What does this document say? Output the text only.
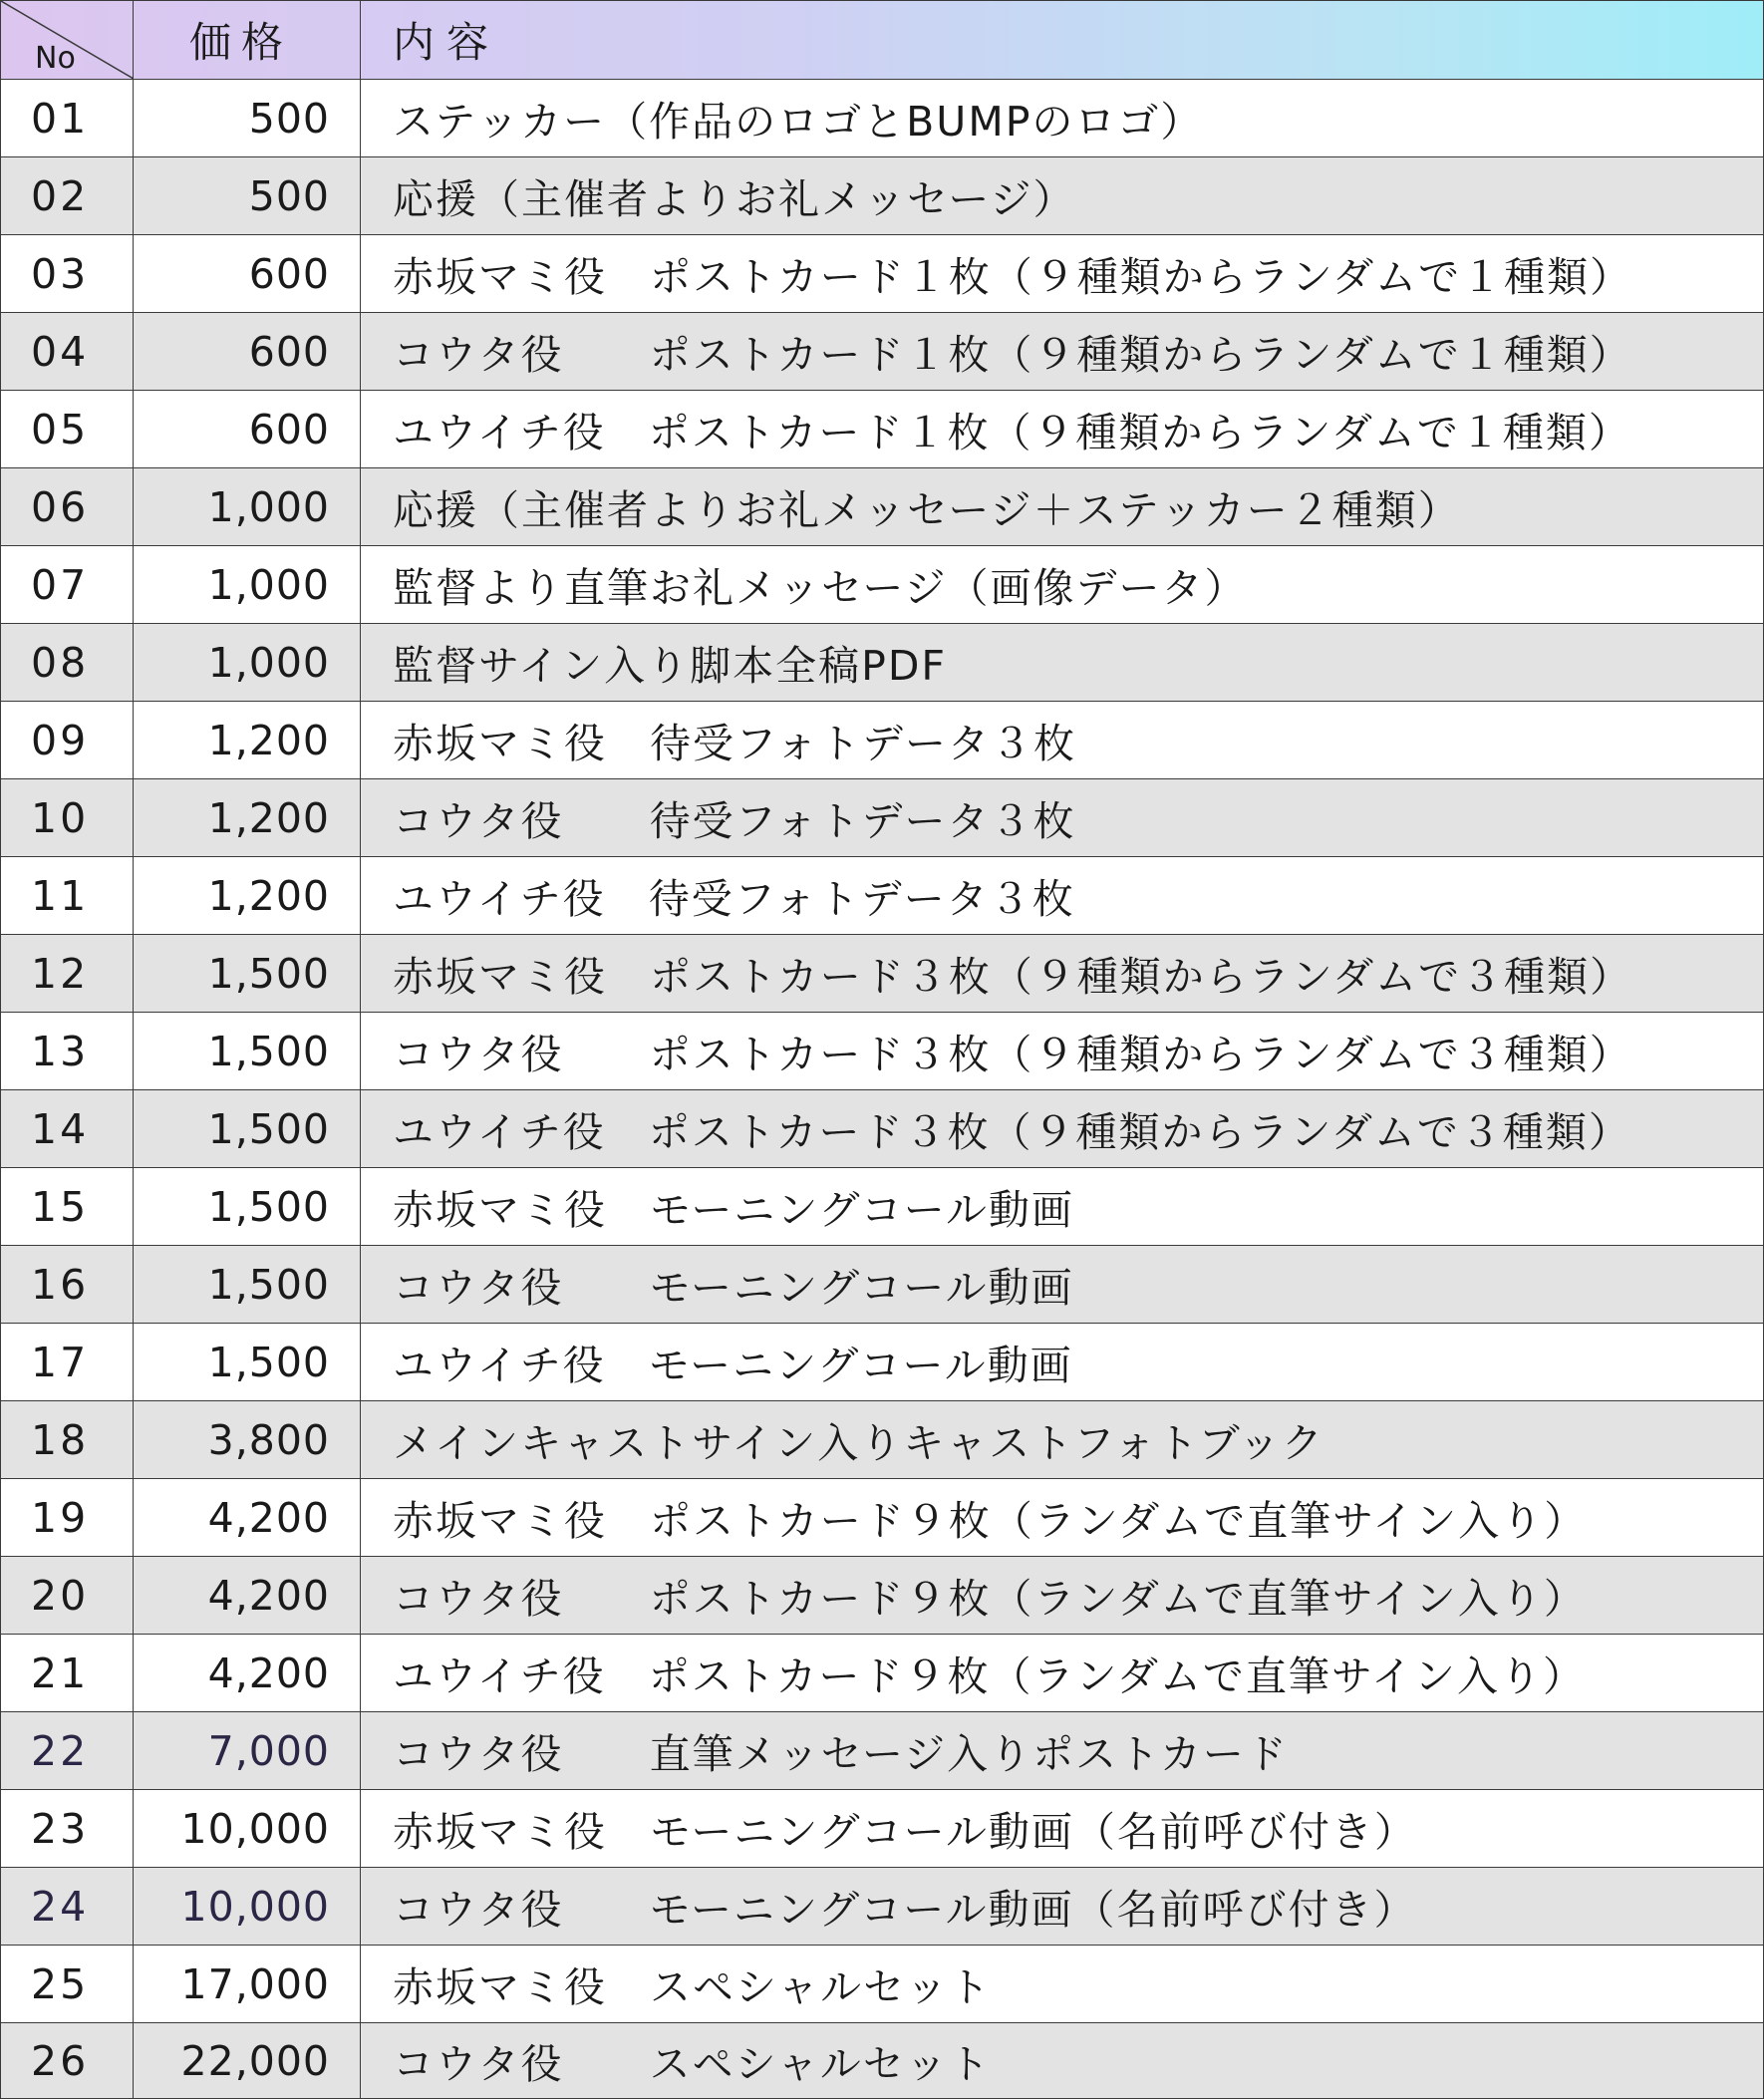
No	価格	内容
01	500	ステッカー（作品のロゴとBUMPのロゴ）
02	500	応援（主催者よりお礼メッセージ）
03	600	赤坂マミ役　ポストカード１枚（９種類からランダムで１種類）
04	600	コウタ役　　ポストカード１枚（９種類からランダムで１種類）
05	600	ユウイチ役　ポストカード１枚（９種類からランダムで１種類）
06	1,000	応援（主催者よりお礼メッセージ＋ステッカー２種類）
07	1,000	監督より直筆お礼メッセージ（画像データ）
08	1,000	監督サイン入り脚本全稿PDF
09	1,200	赤坂マミ役　待受フォトデータ３枚
10	1,200	コウタ役　　待受フォトデータ３枚
11	1,200	ユウイチ役　待受フォトデータ３枚
12	1,500	赤坂マミ役　ポストカード３枚（９種類からランダムで３種類）
13	1,500	コウタ役　　ポストカード３枚（９種類からランダムで３種類）
14	1,500	ユウイチ役　ポストカード３枚（９種類からランダムで３種類）
15	1,500	赤坂マミ役　モーニングコール動画
16	1,500	コウタ役　　モーニングコール動画
17	1,500	ユウイチ役　モーニングコール動画
18	3,800	メインキャストサイン入りキャストフォトブック
19	4,200	赤坂マミ役　ポストカード９枚（ランダムで直筆サイン入り）
20	4,200	コウタ役　　ポストカード９枚（ランダムで直筆サイン入り）
21	4,200	ユウイチ役　ポストカード９枚（ランダムで直筆サイン入り）
22	7,000	コウタ役　　直筆メッセージ入りポストカード
23	10,000	赤坂マミ役　モーニングコール動画（名前呼び付き）
24	10,000	コウタ役　　モーニングコール動画（名前呼び付き）
25	17,000	赤坂マミ役　スペシャルセット
26	22,000	コウタ役　　スペシャルセット
